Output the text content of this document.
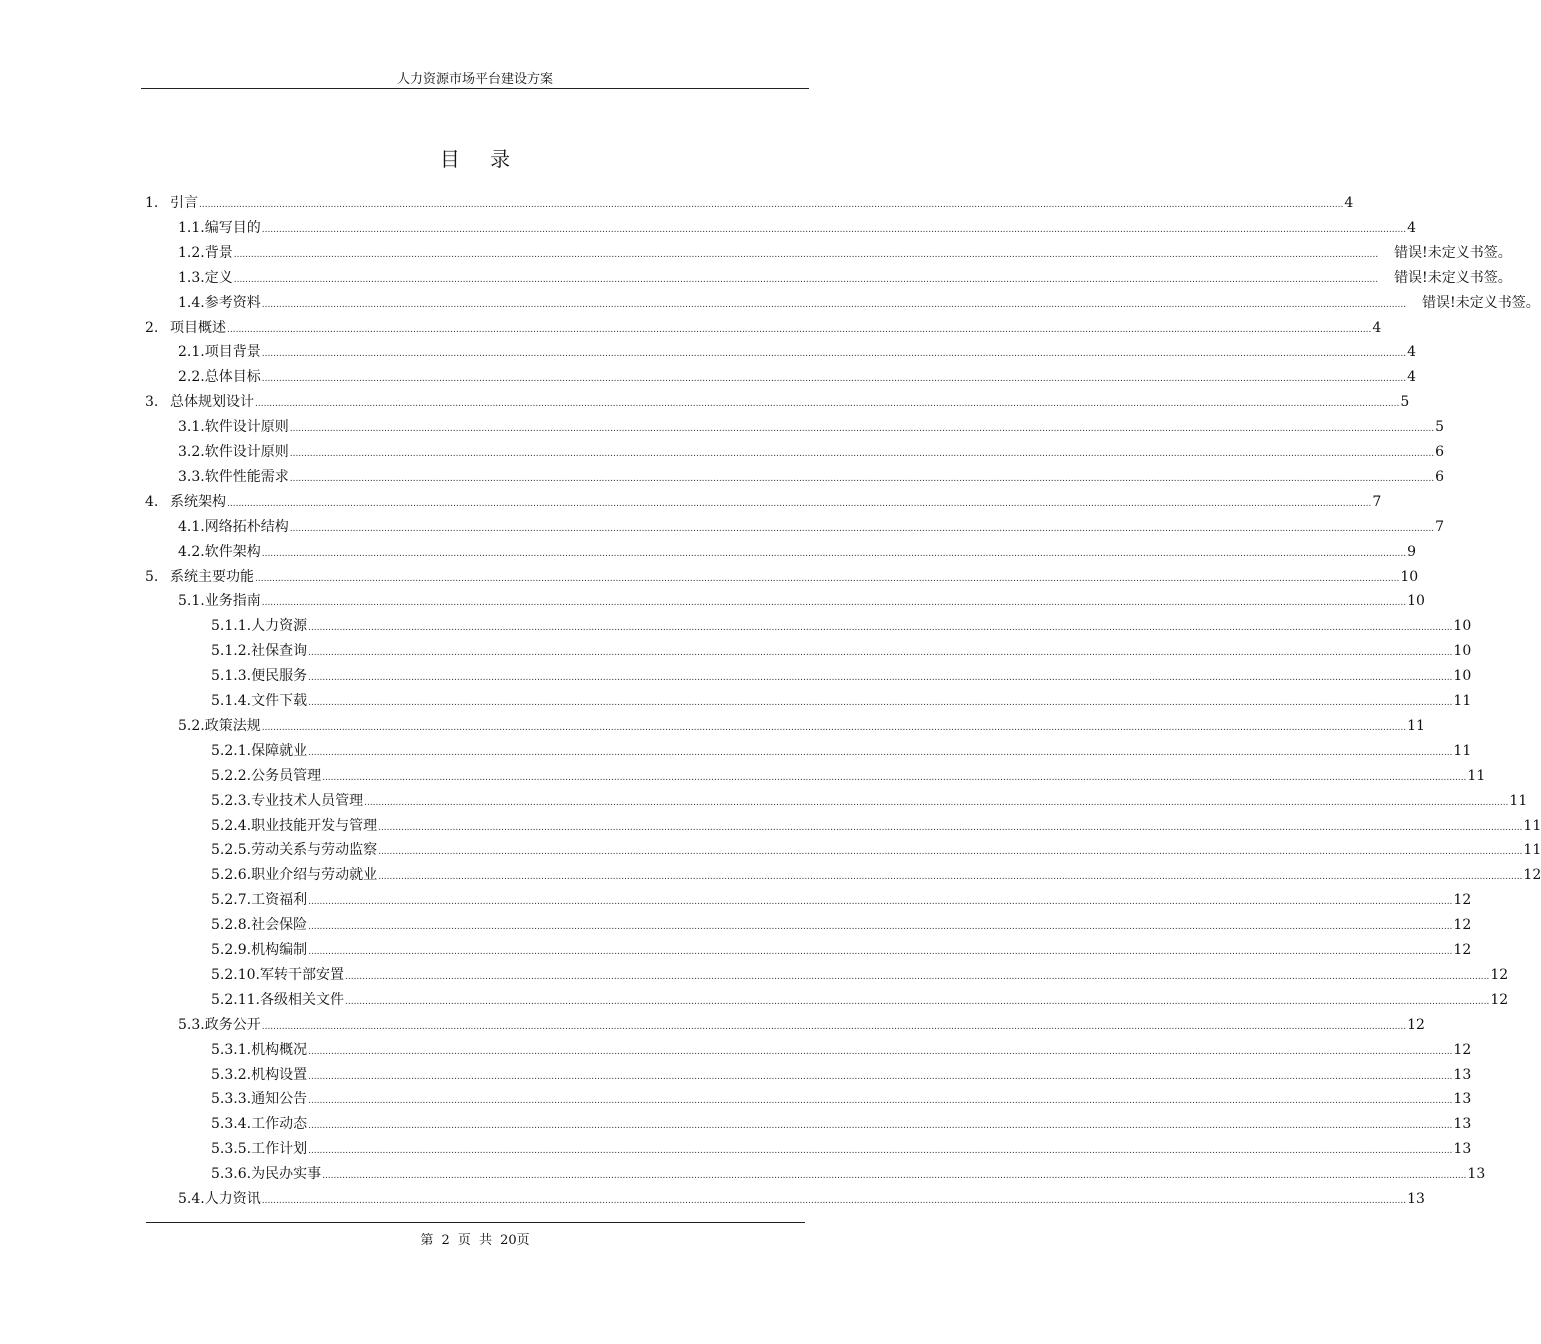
人力资源市场平台建设方案
目 录
1. 引言 ................................................................................................................................................................................................................................................................................................................................................................................................................ 4
1.1.编写目的 ................................................................................................................................................................................................................................................................................................................................................................................................................ 4
1.2.背景 ................................................................................................................................................................................................................................................................................................................................................................................................................ 错误!未定义书签。
1.3.定义 ................................................................................................................................................................................................................................................................................................................................................................................................................ 错误!未定义书签。
1.4.参考资料 ................................................................................................................................................................................................................................................................................................................................................................................................................ 错误!未定义书签。
2. 项目概述 ................................................................................................................................................................................................................................................................................................................................................................................................................ 4
2.1.项目背景 ................................................................................................................................................................................................................................................................................................................................................................................................................ 4
2.2.总体目标 ................................................................................................................................................................................................................................................................................................................................................................................................................ 4
3. 总体规划设计 ................................................................................................................................................................................................................................................................................................................................................................................................................ 5
3.1.软件设计原则 ................................................................................................................................................................................................................................................................................................................................................................................................................ 5
3.2.软件设计原则 ................................................................................................................................................................................................................................................................................................................................................................................................................ 6
3.3.软件性能需求 ................................................................................................................................................................................................................................................................................................................................................................................................................ 6
4. 系统架构 ................................................................................................................................................................................................................................................................................................................................................................................................................ 7
4.1.网络拓朴结构 ................................................................................................................................................................................................................................................................................................................................................................................................................ 7
4.2.软件架构 ................................................................................................................................................................................................................................................................................................................................................................................................................ 9
5. 系统主要功能 ................................................................................................................................................................................................................................................................................................................................................................................................................ 10
5.1.业务指南 ................................................................................................................................................................................................................................................................................................................................................................................................................ 10
5.1.1.人力资源 ................................................................................................................................................................................................................................................................................................................................................................................................................ 10
5.1.2.社保查询 ................................................................................................................................................................................................................................................................................................................................................................................................................ 10
5.1.3.便民服务 ................................................................................................................................................................................................................................................................................................................................................................................................................ 10
5.1.4.文件下载 ................................................................................................................................................................................................................................................................................................................................................................................................................ 11
5.2.政策法规 ................................................................................................................................................................................................................................................................................................................................................................................................................ 11
5.2.1.保障就业 ................................................................................................................................................................................................................................................................................................................................................................................................................ 11
5.2.2.公务员管理 ................................................................................................................................................................................................................................................................................................................................................................................................................ 11
5.2.3.专业技术人员管理 ................................................................................................................................................................................................................................................................................................................................................................................................................ 11
5.2.4.职业技能开发与管理 ................................................................................................................................................................................................................................................................................................................................................................................................................ 11
5.2.5.劳动关系与劳动监察 ................................................................................................................................................................................................................................................................................................................................................................................................................ 11
5.2.6.职业介绍与劳动就业 ................................................................................................................................................................................................................................................................................................................................................................................................................ 12
5.2.7.工资福利 ................................................................................................................................................................................................................................................................................................................................................................................................................ 12
5.2.8.社会保险 ................................................................................................................................................................................................................................................................................................................................................................................................................ 12
5.2.9.机构编制 ................................................................................................................................................................................................................................................................................................................................................................................................................ 12
5.2.10.军转干部安置 ................................................................................................................................................................................................................................................................................................................................................................................................................ 12
5.2.11.各级相关文件 ................................................................................................................................................................................................................................................................................................................................................................................................................ 12
5.3.政务公开 ................................................................................................................................................................................................................................................................................................................................................................................................................ 12
5.3.1.机构概况 ................................................................................................................................................................................................................................................................................................................................................................................................................ 12
5.3.2.机构设置 ................................................................................................................................................................................................................................................................................................................................................................................................................ 13
5.3.3.通知公告 ................................................................................................................................................................................................................................................................................................................................................................................................................ 13
5.3.4.工作动态 ................................................................................................................................................................................................................................................................................................................................................................................................................ 13
5.3.5.工作计划 ................................................................................................................................................................................................................................................................................................................................................................................................................ 13
5.3.6.为民办实事 ................................................................................................................................................................................................................................................................................................................................................................................................................ 13
5.4.人力资讯 ................................................................................................................................................................................................................................................................................................................................................................................................................ 13
第 2 页 共 20页
